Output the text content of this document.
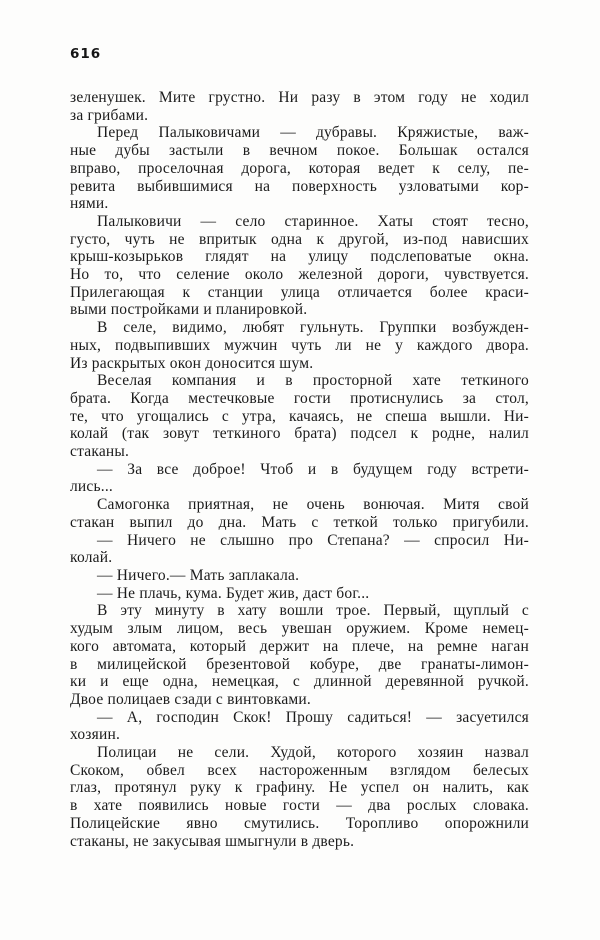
616
зеленушек. Мите грустно. Ни разу в этом году не ходил
за грибами.
Перед Палыковичами — дубравы. Кряжистые, важ-
ные дубы застыли в вечном покое. Большак остался
вправо, проселочная дорога, которая ведет к селу, пе-
ревита выбившимися на поверхность узловатыми кор-
нями.
Палыковичи — село старинное. Хаты стоят тесно,
густо, чуть не впритык одна к другой, из-под нависших
крыш-козырьков глядят на улицу подслеповатые окна.
Но то, что селение около железной дороги, чувствуется.
Прилегающая к станции улица отличается более краси-
выми постройками и планировкой.
В селе, видимо, любят гульнуть. Группки возбужден-
ных, подвыпивших мужчин чуть ли не у каждого двора.
Из раскрытых окон доносится шум.
Веселая компания и в просторной хате теткиного
брата. Когда местечковые гости протиснулись за стол,
те, что угощались с утра, качаясь, не спеша вышли. Ни-
колай (так зовут теткиного брата) подсел к родне, налил
стаканы.
— За все доброе! Чтоб и в будущем году встрети-
лись...
Самогонка приятная, не очень вонючая. Митя свой
стакан выпил до дна. Мать с теткой только пригубили.
— Ничего не слышно про Степана? — спросил Ни-
колай.
— Ничего.— Мать заплакала.
— Не плачь, кума. Будет жив, даст бог...
В эту минуту в хату вошли трое. Первый, щуплый с
худым злым лицом, весь увешан оружием. Кроме немец-
кого автомата, который держит на плече, на ремне наган
в милицейской брезентовой кобуре, две гранаты-лимон-
ки и еще одна, немецкая, с длинной деревянной ручкой.
Двое полицаев сзади с винтовками.
— А, господин Скок! Прошу садиться! — засуетился
хозяин.
Полицаи не сели. Худой, которого хозяин назвал
Скоком, обвел всех настороженным взглядом белесых
глаз, протянул руку к графину. Не успел он налить, как
в хате появились новые гости — два рослых словака.
Полицейские явно смутились. Торопливо опорожнили
стаканы, не закусывая шмыгнули в дверь.
